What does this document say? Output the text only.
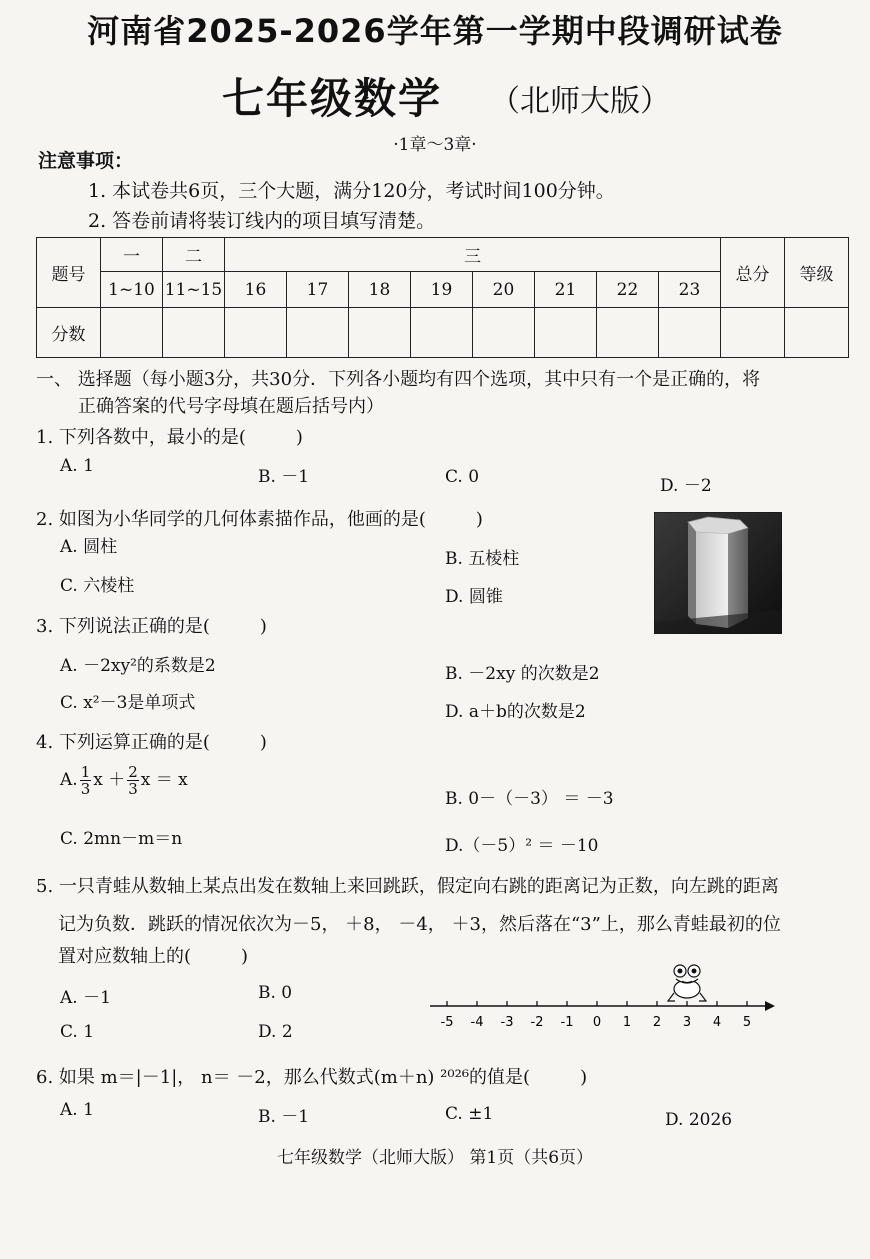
河南省2025-2026学年第一学期中段调研试卷
七年级数学 （北师大版）
·1章～3章·
注意事项：
1. 本试卷共6页，三个大题，满分120分，考试时间100分钟。
2. 答卷前请将装订线内的项目填写清楚。
题号	一	二	三								总分	等级
	1~10	11~15	16	17	18	19	20	21	22	23		
分数												
一、 选择题（每小题3分，共30分．下列各小题均有四个选项，其中只有一个是正确的，将
正确答案的代号字母填在题后括号内）
1. 下列各数中，最小的是(	)
A. 1
B. －1	C. 0	D. －2
2. 如图为小华同学的几何体素描作品，他画的是(	)
A. 圆柱
B. 五棱柱
C. 六棱柱
D. 圆锥
3. 下列说法正确的是(	)
A. －2xy²的系数是2	B. －2xy 的次数是2
C. x²－3是单项式	D. a＋b的次数是2
4. 下列运算正确的是(	)
A. $\frac{1}{3}$ $x + \frac{2}{3}$ x ＝ x
B. 0－（－3） ＝ －3
C. 2mn－m＝n	D.（－5）² ＝ －10
5. 一只青蛙从数轴上某点出发在数轴上来回跳跃，假定向右跳的距离记为正数，向左跳的距离
记为负数．跳跃的情况依次为－5， ＋8， －4， ＋3，然后落在“3”上，那么青蛙最初的位
置对应数轴上的(	)
A. －1	B. 0
C. 1	D. 2	-5 -4 -3 -2 -1 0 1 2 3 4 5
6. 如果 m＝|－1|， n＝ －2，那么代数式(m＋n) ²⁰²⁶的值是(	)
A. 1	B. －1	C. ±1	D. 2026
七年级数学（北师大版） 第1页（共6页）
